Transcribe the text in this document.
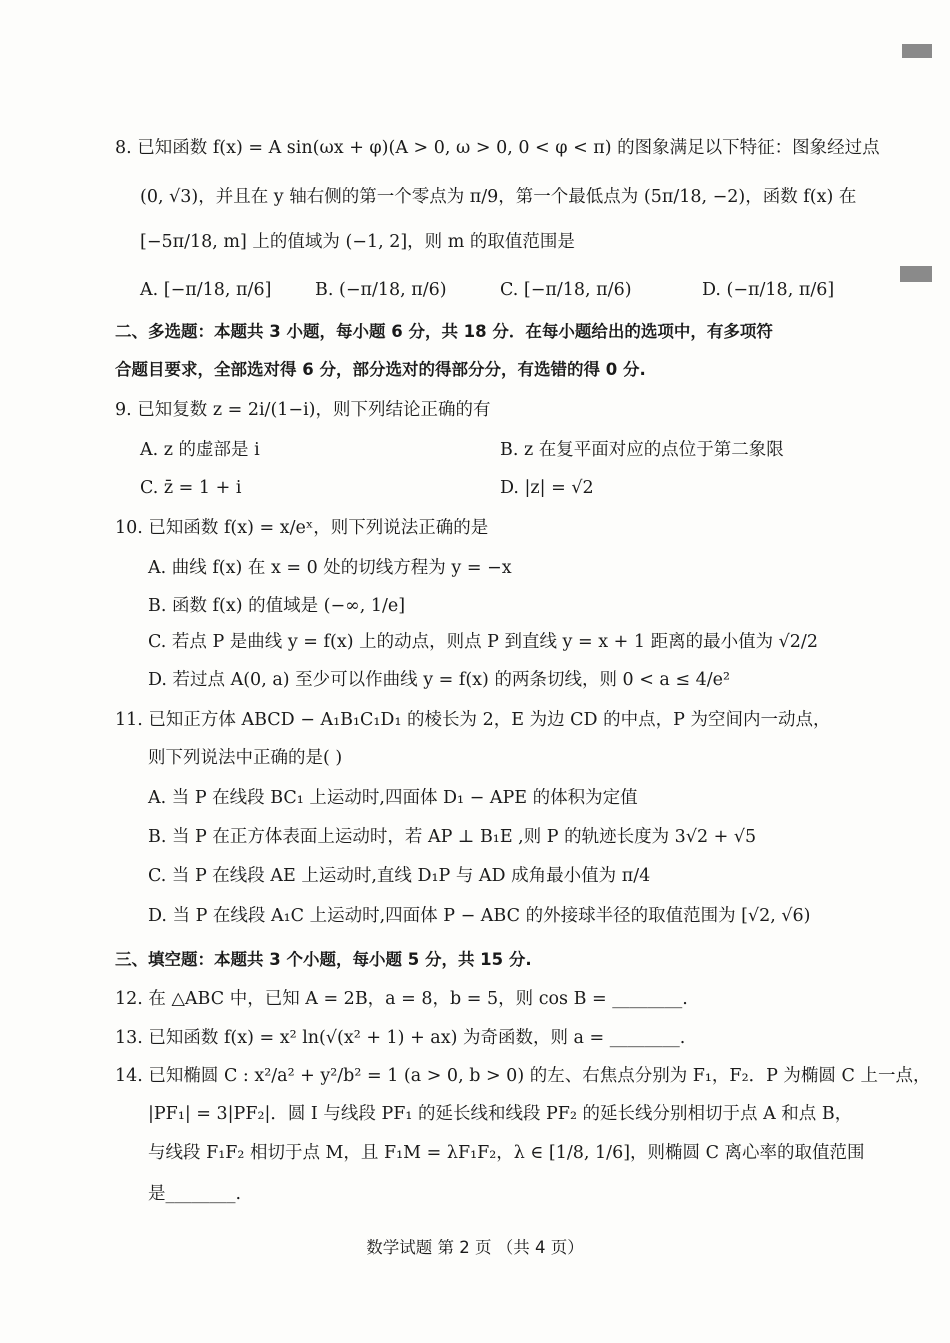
8. 已知函数 f(x) = A sin(ωx + φ)(A > 0, ω > 0, 0 < φ < π) 的图象满足以下特征：图象经过点
(0, √3)，并且在 y 轴右侧的第一个零点为 π/9，第一个最低点为 (5π/18, −2)，函数 f(x) 在
[−5π/18, m] 上的值域为 (−1, 2]，则 m 的取值范围是
A. [−π/18, π/6] B. (−π/18, π/6)	C. [−π/18, π/6)	D. (−π/18, π/6]
二、多选题：本题共 3 小题，每小题 6 分，共 18 分．在每小题给出的选项中，有多项符
合题目要求，全部选对得 6 分，部分选对的得部分分，有选错的得 0 分.
9. 已知复数 z = 2i/(1−i)，则下列结论正确的有
A. z 的虚部是 i	B. z 在复平面对应的点位于第二象限
C. z̄ = 1 + i	D. |z| = √2
10. 已知函数 f(x) = x/eˣ，则下列说法正确的是
A. 曲线 f(x) 在 x = 0 处的切线方程为 y = −x
B. 函数 f(x) 的值域是 (−∞, 1/e]
C. 若点 P 是曲线 y = f(x) 上的动点，则点 P 到直线 y = x + 1 距离的最小值为 √2/2
D. 若过点 A(0, a) 至少可以作曲线 y = f(x) 的两条切线，则 0 < a ≤ 4/e²
11. 已知正方体 ABCD − A₁B₁C₁D₁ 的棱长为 2，E 为边 CD 的中点，P 为空间内一动点，
则下列说法中正确的是( )
A. 当 P 在线段 BC₁ 上运动时,四面体 D₁ − APE 的体积为定值
B. 当 P 在正方体表面上运动时，若 AP ⊥ B₁E ,则 P 的轨迹长度为 3√2 + √5
C. 当 P 在线段 AE 上运动时,直线 D₁P 与 AD 成角最小值为 π/4
D. 当 P 在线段 A₁C 上运动时,四面体 P − ABC 的外接球半径的取值范围为 [√2, √6)
三、填空题：本题共 3 个小题，每小题 5 分，共 15 分.
12. 在 △ABC 中，已知 A = 2B，a = 8，b = 5，则 cos B = ________.
13. 已知函数 f(x) = x² ln(√(x² + 1) + ax) 为奇函数，则 a = ________.
14. 已知椭圆 C : x²/a² + y²/b² = 1 (a > 0, b > 0) 的左、右焦点分别为 F₁，F₂．P 为椭圆 C 上一点，
|PF₁| = 3|PF₂|．圆 I 与线段 PF₁ 的延长线和线段 PF₂ 的延长线分别相切于点 A 和点 B，
与线段 F₁F₂ 相切于点 M，且 F₁M = λF₁F₂，λ ∈ [1/8, 1/6]，则椭圆 C 离心率的取值范围
是________.
数学试题 第 2 页 （共 4 页）
